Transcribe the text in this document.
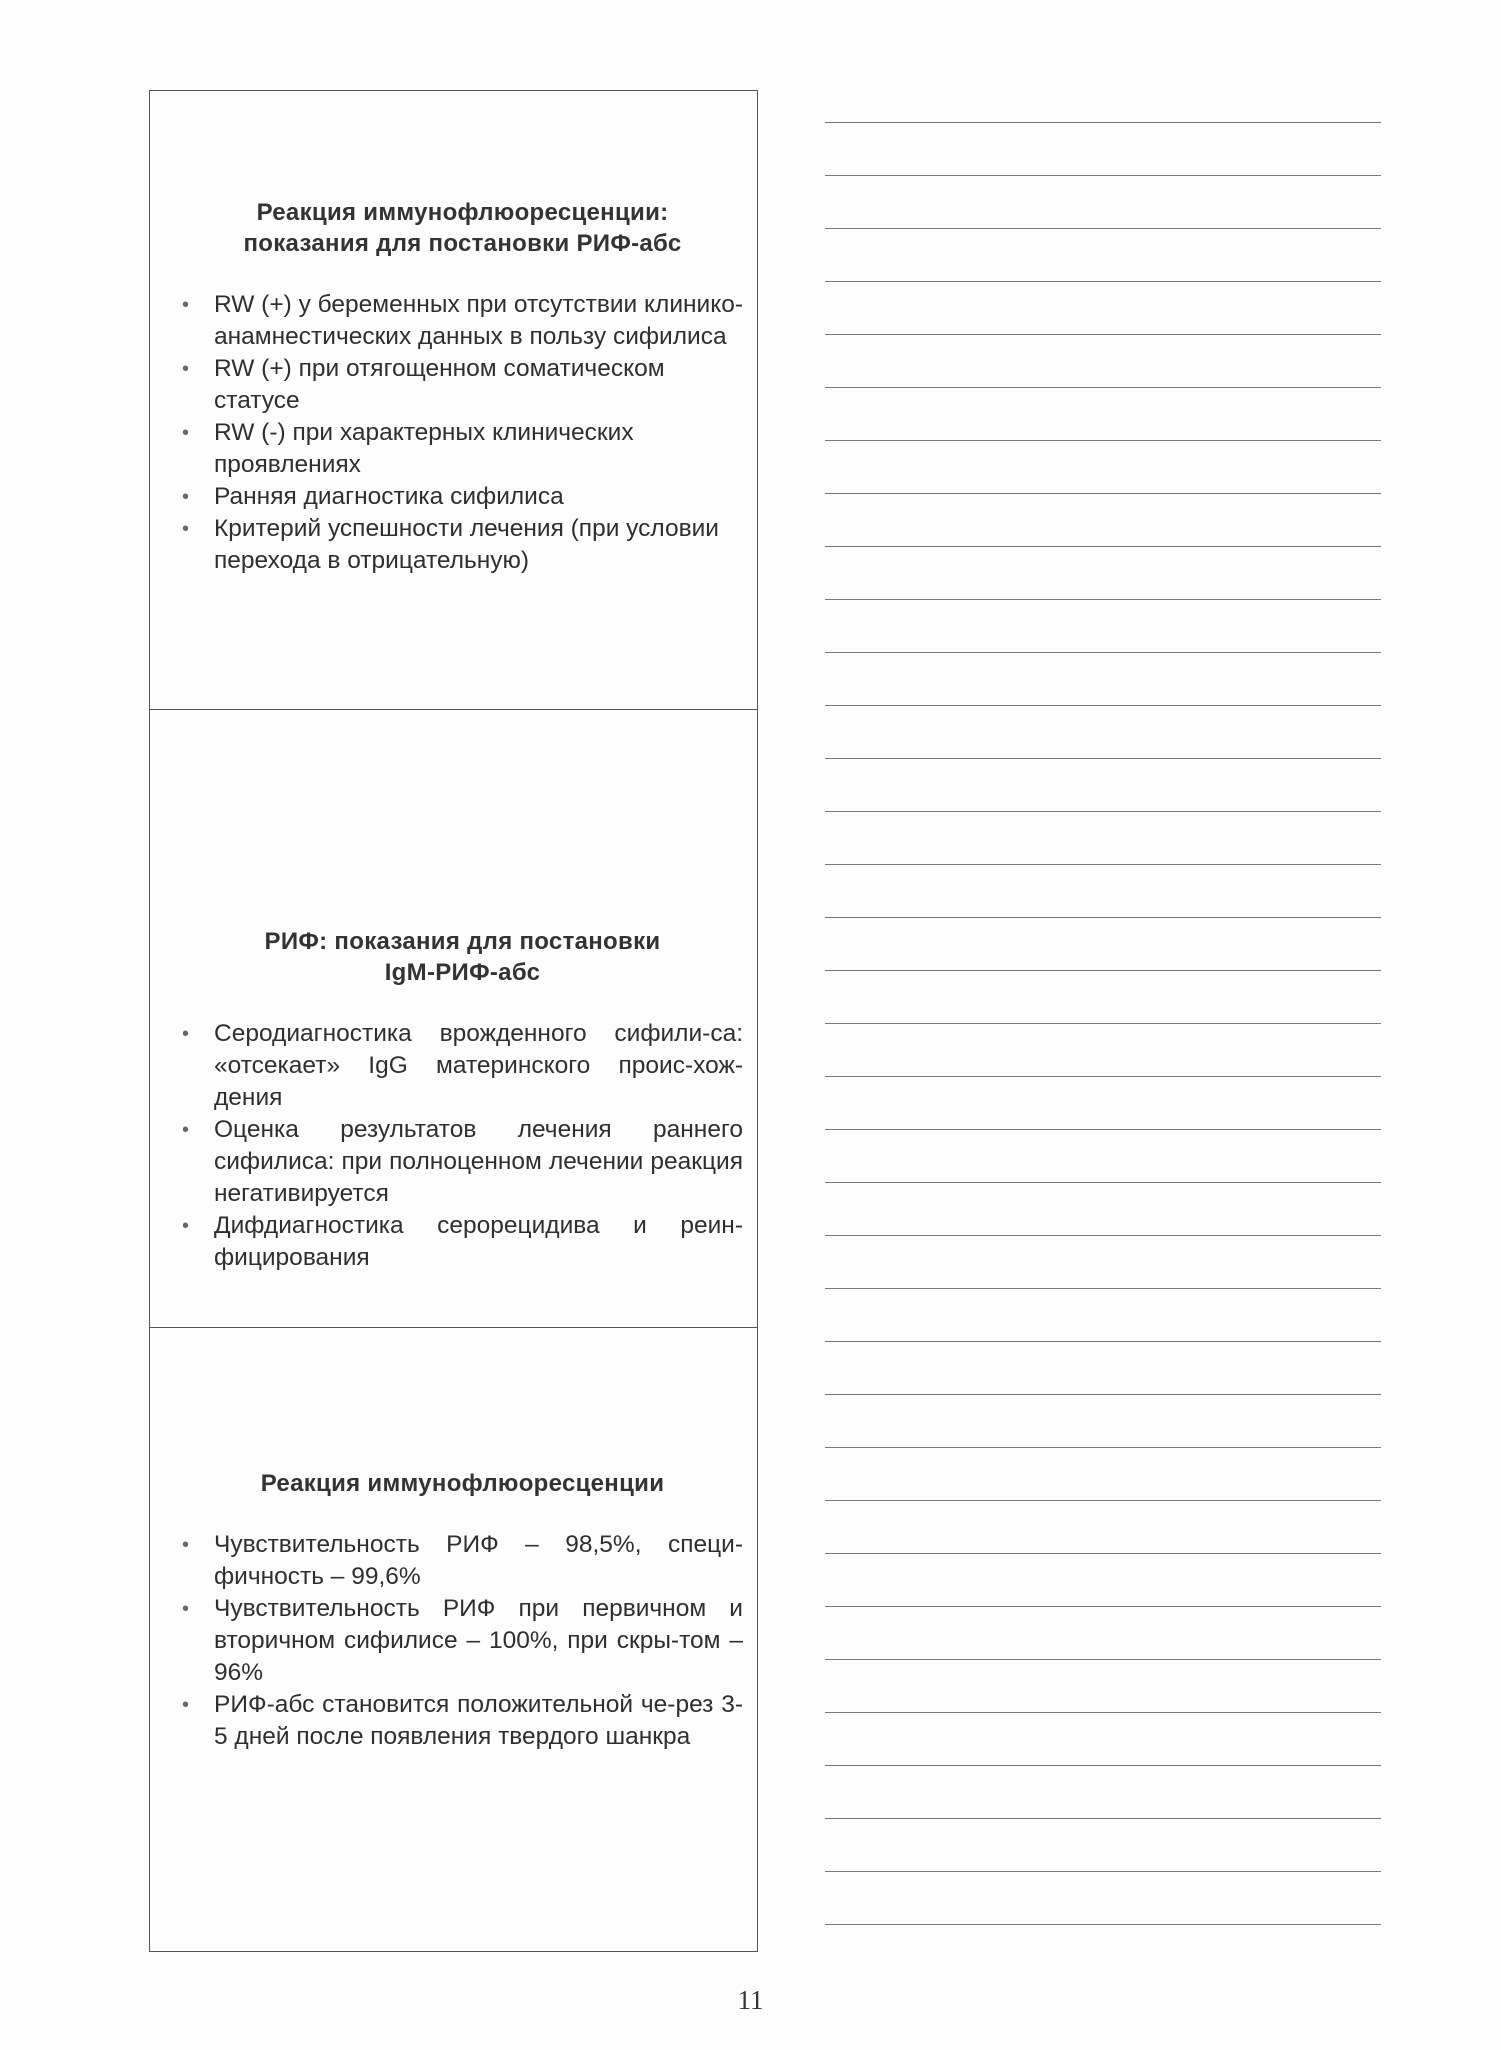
Реакция иммунофлюоресценции:
показания для постановки РИФ-абс
• RW (+) у беременных при отсутствии клинико-анамнестических данных в пользу сифилиса
• RW (+) при отягощенном соматическом статусе
• RW (-) при характерных клинических проявлениях
• Ранняя диагностика сифилиса
• Критерий успешности лечения (при условии перехода в отрицательную)
РИФ: показания для постановки
IgM-РИФ-абс
• Серодиагностика врожденного сифили-са: «отсекает» IgG материнского проис-хож-дения
• Оценка результатов лечения раннего сифилиса: при полноценном лечении реакция негативируется
• Дифдиагностика серорецидива и реин-фицирования
Реакция иммунофлюоресценции
• Чувствительность РИФ – 98,5%, специ-фичность – 99,6%
• Чувствительность РИФ при первичном и вторичном сифилисе – 100%, при скры-том – 96%
• РИФ-абс становится положительной че-рез 3-5 дней после появления твердого шанкра
11
